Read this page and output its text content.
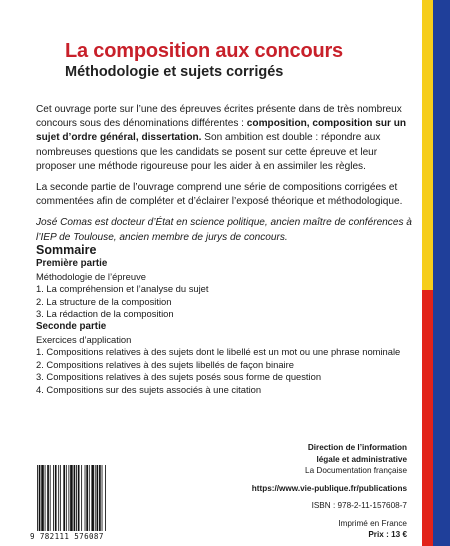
La composition aux concours
Méthodologie et sujets corrigés

Cet ouvrage porte sur l’une des épreuves écrites présente dans de très nombreux concours sous des dénominations différentes : composition, composition sur un sujet d’ordre général, dissertation. Son ambition est double : répondre aux nombreuses questions que les candidats se posent sur cette épreuve et leur proposer une méthode rigoureuse pour les aider à en assimiler les règles.

La seconde partie de l’ouvrage comprend une série de compositions corrigées et commentées afin de compléter et d’éclairer l’exposé théorique et méthodologique.

José Comas est docteur d’État en science politique, ancien maître de conférences à l’IEP de Toulouse, ancien membre de jurys de concours.

Sommaire
Première partie
Méthodologie de l’épreuve
1. La compréhension et l’analyse du sujet
2. La structure de la composition
3. La rédaction de la composition
Seconde partie
Exercices d’application
1. Compositions relatives à des sujets dont le libellé est un mot ou une phrase nominale
2. Compositions relatives à des sujets libellés de façon binaire
3. Compositions relatives à des sujets posés sous forme de question
4. Compositions sur des sujets associés à une citation
Direction de l’information
légale et administrative
La Documentation française
https://www.vie-publique.fr/publications
ISBN : 978-2-11-157608-7
Imprimé en France
Prix : 13 €
9 782111 576087
